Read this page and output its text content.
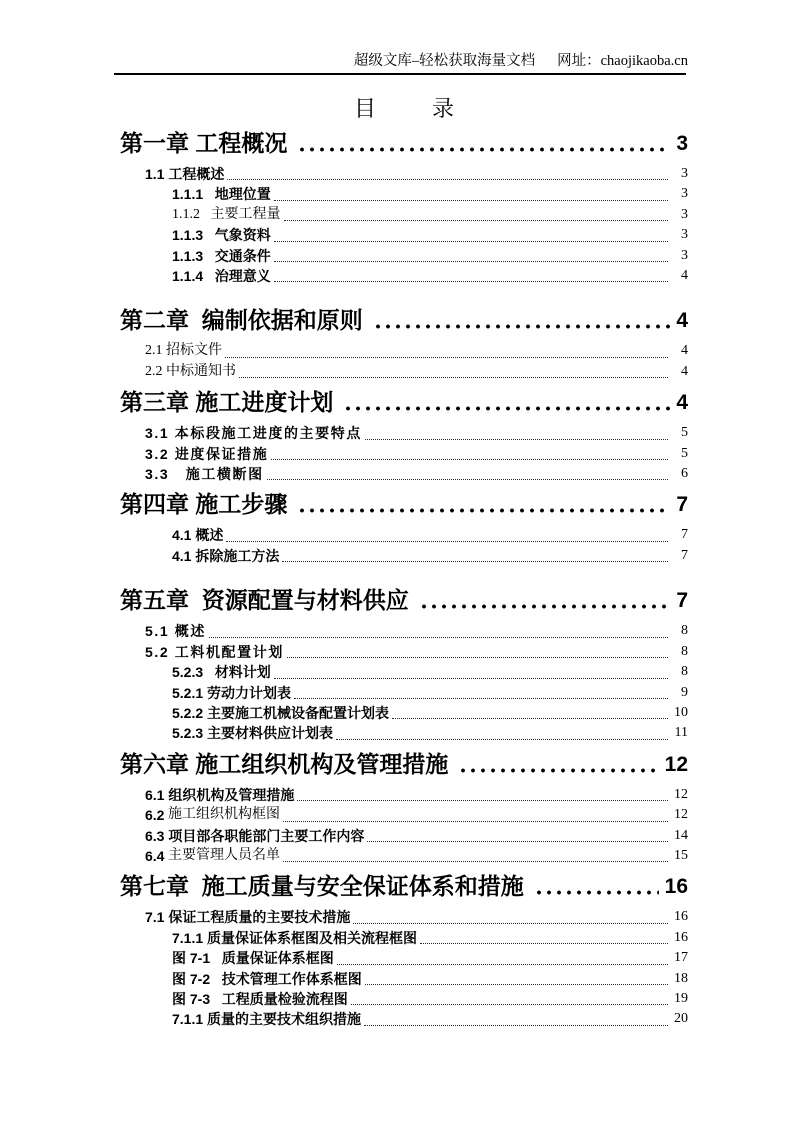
超级文库–轻松获取海量文档 网址：chaojikaoba.cn
目	录
第一章 工程概况	3
1.1 工程概述	3
1.1.1   地理位置	3
1.1.2   主要工程量	3
1.1.3   气象资料	3
1.1.3   交通条件	3
1.1.4   治理意义	4
第二章  编制依据和原则	4
2.1 招标文件	4
2.2 中标通知书	4
第三章 施工进度计划	4
3.1 本标段施工进度的主要特点	5
3.2 进度保证措施	5
3.3   施工横断图	6
第四章 施工步骤	7
4.1 概述	7
4.1 拆除施工方法	7
第五章  资源配置与材料供应	7
5.1 概述	8
5.2 工料机配置计划	8
5.2.3   材料计划	8
5.2.1 劳动力计划表	9
5.2.2 主要施工机械设备配置计划表	10
5.2.3 主要材料供应计划表	11
第六章 施工组织机构及管理措施	12
6.1 组织机构及管理措施	12
6.2 施工组织机构框图	12
6.3 项目部各职能部门主要工作内容	14
6.4 主要管理人员名单	15
第七章  施工质量与安全保证体系和措施	16
7.1 保证工程质量的主要技术措施	16
7.1.1 质量保证体系框图及相关流程框图	16
图 7-1   质量保证体系框图	17
图 7-2   技术管理工作体系框图	18
图 7-3   工程质量检验流程图	19
7.1.1 质量的主要技术组织措施	20
